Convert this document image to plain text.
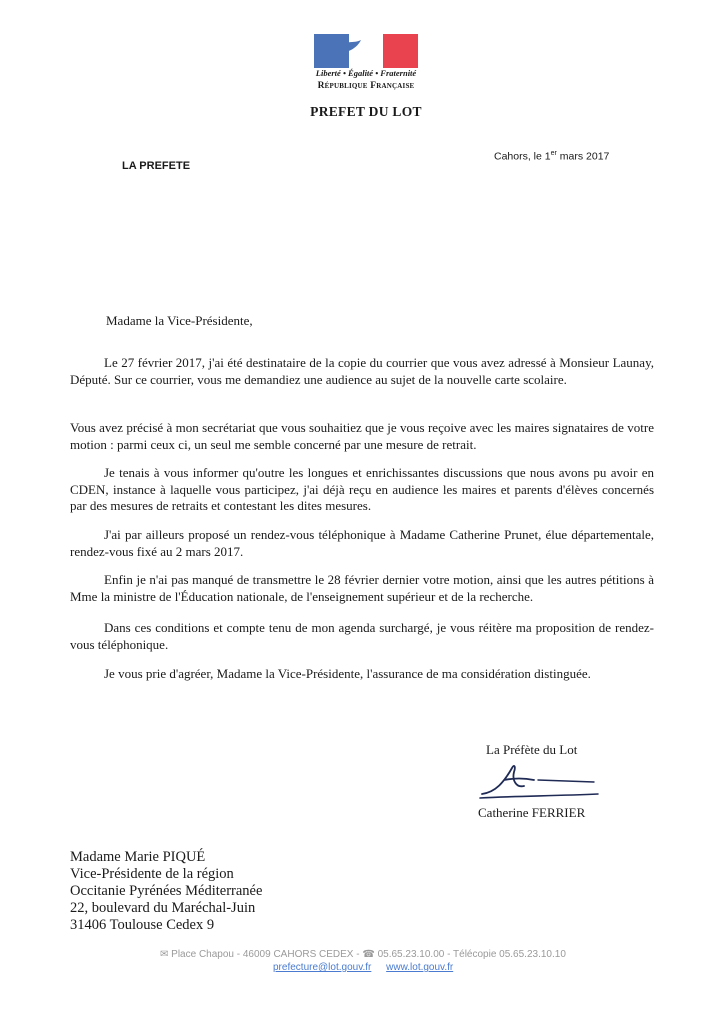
Liberté • Égalité • Fraternité
République Française
PREFET DU LOT
LA PREFETE
Cahors, le 1er mars 2017
Madame la Vice-Présidente,

Le 27 février 2017, j'ai été destinataire de la copie du courrier que vous avez adressé à Monsieur Launay, Député. Sur ce courrier, vous me demandiez une audience au sujet de la nouvelle carte scolaire.

Vous avez précisé à mon secrétariat que vous souhaitiez que je vous reçoive avec les maires signataires de votre motion : parmi ceux ci, un seul me semble concerné par une mesure de retrait.

Je tenais à vous informer qu'outre les longues et enrichissantes discussions que nous avons pu avoir en CDEN, instance à laquelle vous participez, j'ai déjà reçu en audience les maires et parents d'élèves concernés par des mesures de retraits et contestant les dites mesures.

J'ai par ailleurs proposé un rendez-vous téléphonique à Madame Catherine Prunet, élue départementale, rendez-vous fixé au 2 mars 2017.

Enfin je n'ai pas manqué de transmettre le 28 février dernier votre motion, ainsi que les autres pétitions à Mme la ministre de l'Éducation nationale, de l'enseignement supérieur et de la recherche.

Dans ces conditions et compte tenu de mon agenda surchargé, je vous réitère ma proposition de rendez-vous téléphonique.

Je vous prie d'agréer, Madame la Vice-Présidente, l'assurance de ma considération distinguée.

La Préfète du Lot
Catherine FERRIER
Madame Marie PIQUÉ
Vice-Présidente de la région
Occitanie Pyrénées Méditerranée
22, boulevard du Maréchal-Juin
31406 Toulouse Cedex 9
✉ Place Chapou - 46009 CAHORS CEDEX - ☎ 05.65.23.10.00 - Télécopie 05.65.23.10.10
prefecture@lot.gouv.fr www.lot.gouv.fr
